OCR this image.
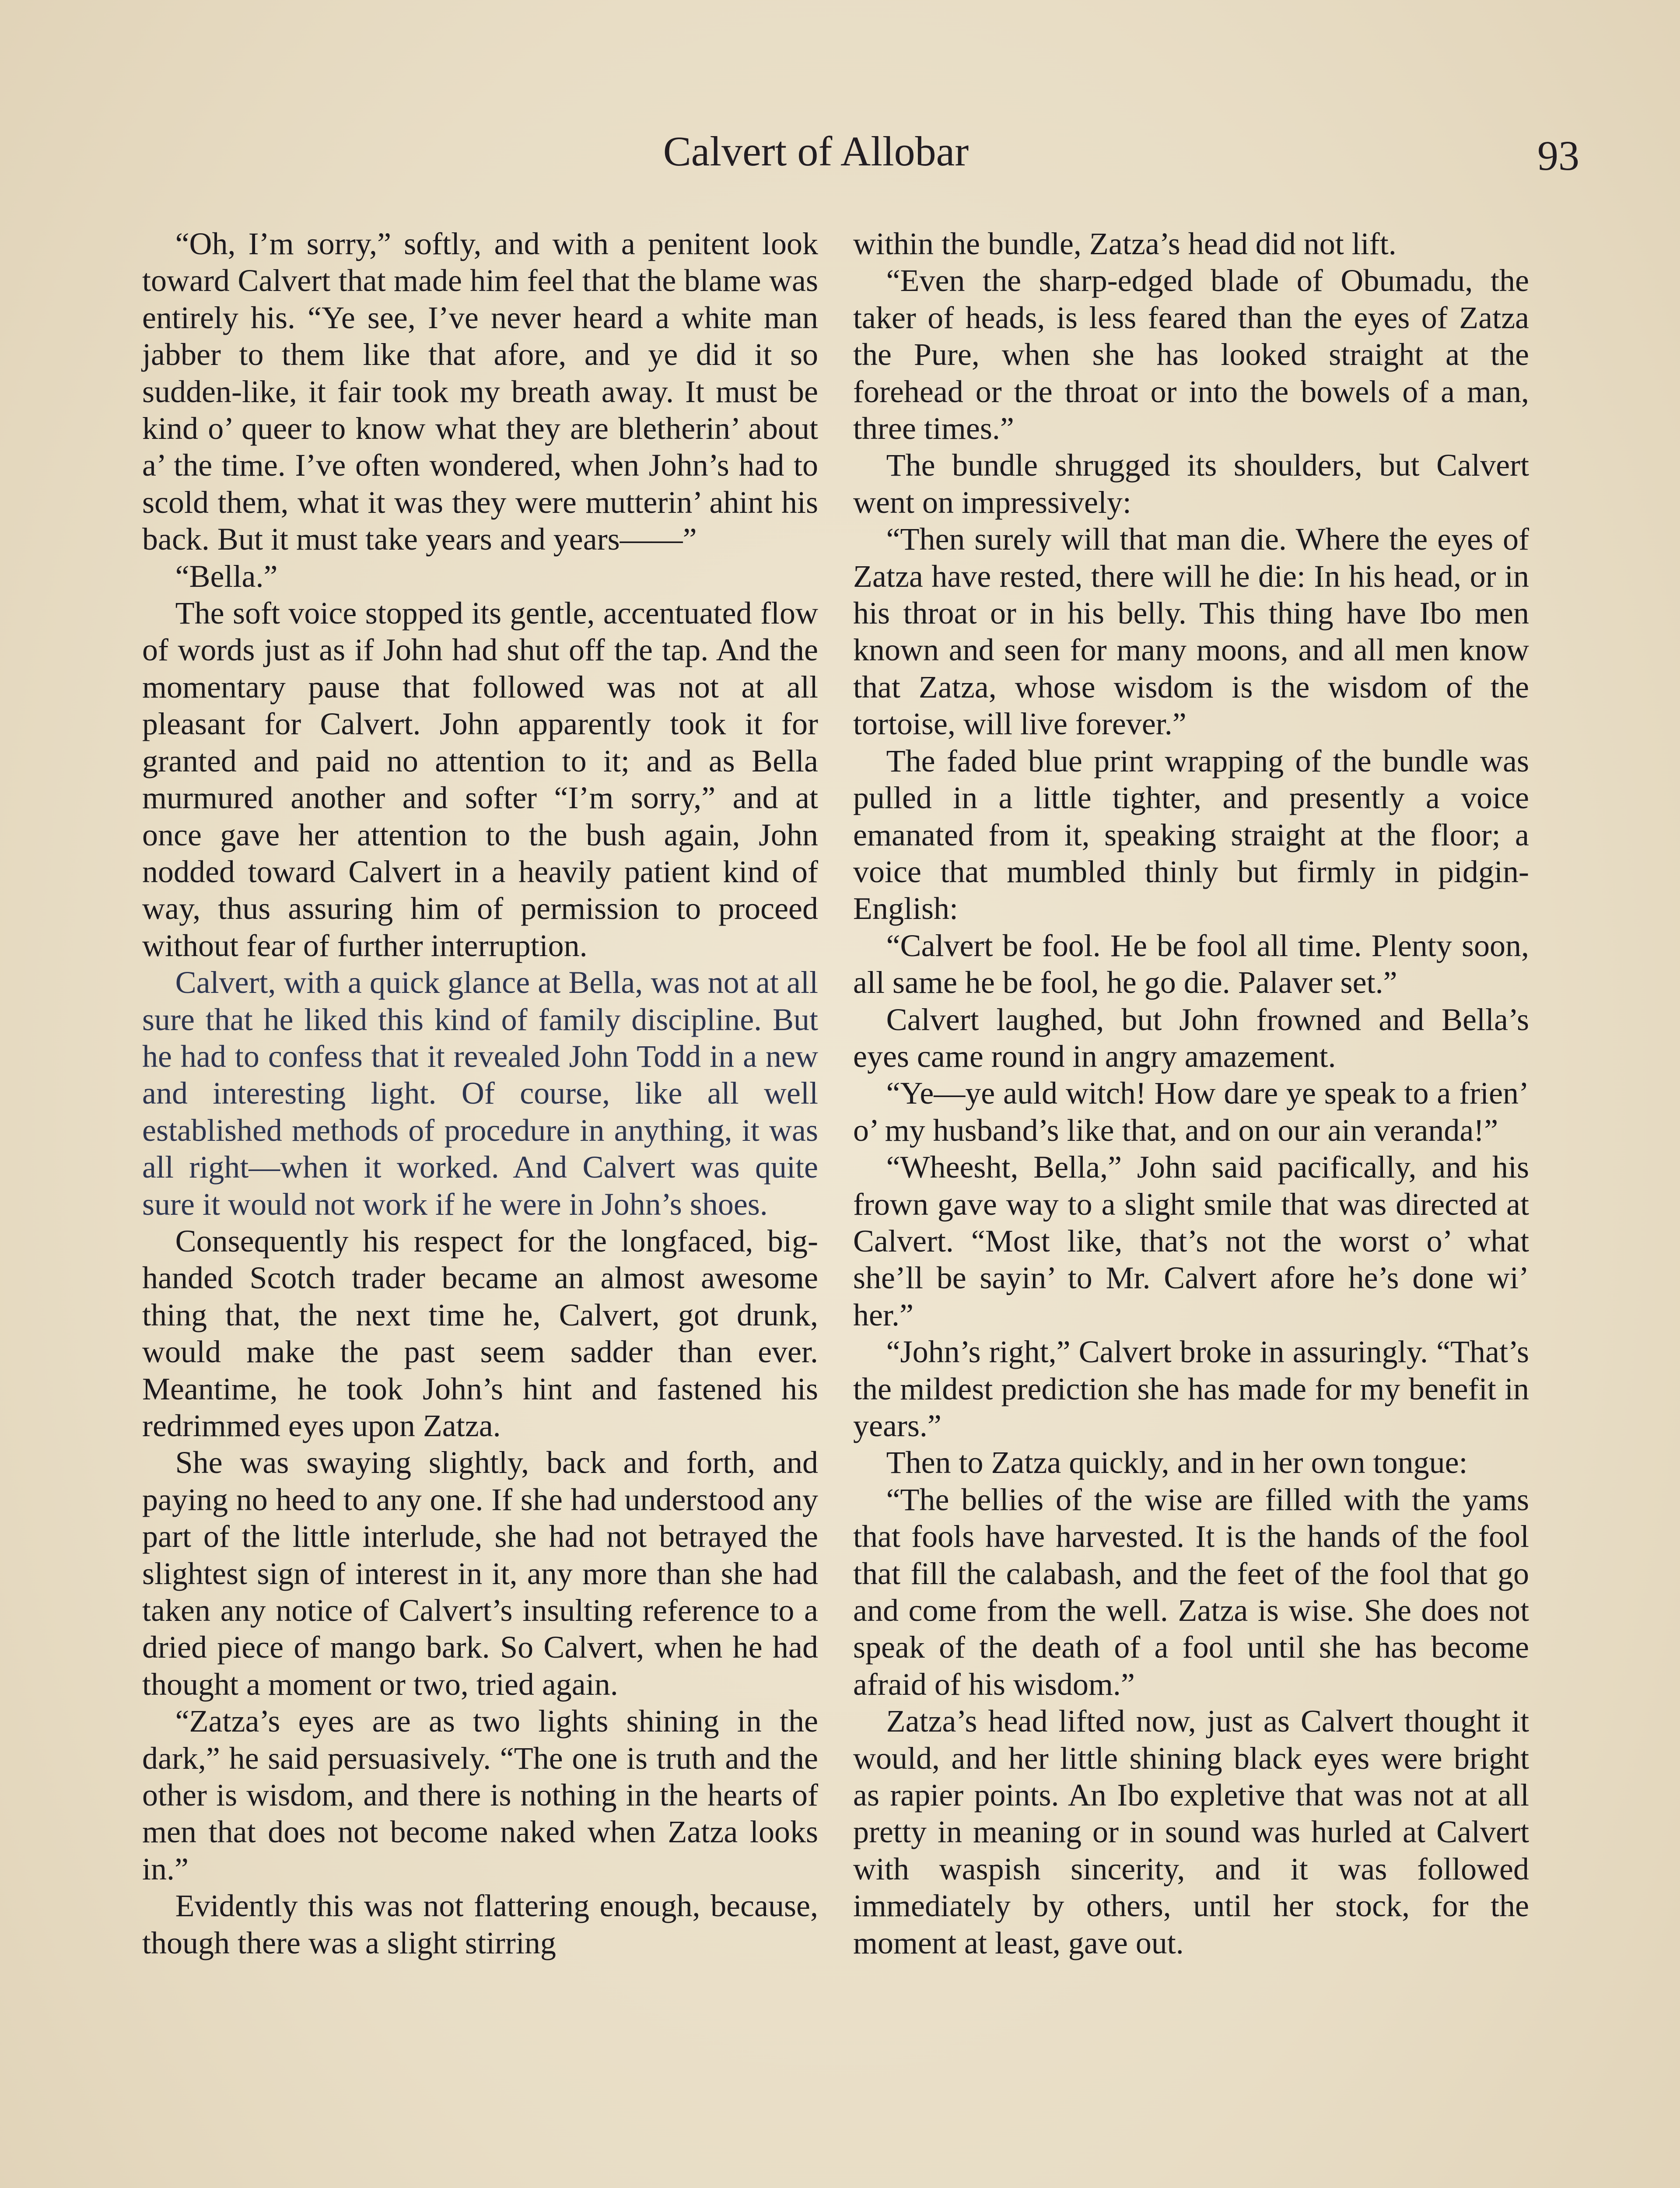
Calvert of Allobar	93

“Oh, I’m sorry,” softly, and with a penitent look toward Calvert that made him feel that the blame was entirely his. “Ye see, I’ve never heard a white man jabber to them like that afore, and ye did it so sudden-like, it fair took my breath away. It must be kind o’ queer to know what they are bletherin’ about a’ the time. I’ve often wondered, when John’s had to scold them, what it was they were mutterin’ ahint his back. But it must take years and years——”

“Bella.”

The soft voice stopped its gentle, accentuated flow of words just as if John had shut off the tap. And the momentary pause that followed was not at all pleasant for Calvert. John apparently took it for granted and paid no attention to it; and as Bella murmured another and softer “I’m sorry,” and at once gave her attention to the bush again, John nodded toward Calvert in a heavily patient kind of way, thus assuring him of permission to proceed without fear of further interruption.

Calvert, with a quick glance at Bella, was not at all sure that he liked this kind of family discipline. But he had to confess that it revealed John Todd in a new and interesting light. Of course, like all well established methods of procedure in anything, it was all right—when it worked. And Calvert was quite sure it would not work if he were in John’s shoes.

Consequently his respect for the longfaced, big-handed Scotch trader became an almost awesome thing that, the next time he, Calvert, got drunk, would make the past seem sadder than ever. Meantime, he took John’s hint and fastened his redrimmed eyes upon Zatza.

She was swaying slightly, back and forth, and paying no heed to any one. If she had understood any part of the little interlude, she had not betrayed the slightest sign of interest in it, any more than she had taken any notice of Calvert’s insulting reference to a dried piece of mango bark. So Calvert, when he had thought a moment or two, tried again.

“Zatza’s eyes are as two lights shining in the dark,” he said persuasively. “The one is truth and the other is wisdom, and there is nothing in the hearts of men that does not become naked when Zatza looks in.”

Evidently this was not flattering enough, because, though there was a slight stirring

within the bundle, Zatza’s head did not lift.

“Even the sharp-edged blade of Obumadu, the taker of heads, is less feared than the eyes of Zatza the Pure, when she has looked straight at the forehead or the throat or into the bowels of a man, three times.”

The bundle shrugged its shoulders, but Calvert went on impressively:

“Then surely will that man die. Where the eyes of Zatza have rested, there will he die: In his head, or in his throat or in his belly. This thing have Ibo men known and seen for many moons, and all men know that Zatza, whose wisdom is the wisdom of the tortoise, will live forever.”

The faded blue print wrapping of the bundle was pulled in a little tighter, and presently a voice emanated from it, speaking straight at the floor; a voice that mumbled thinly but firmly in pidgin-English:

“Calvert be fool. He be fool all time. Plenty soon, all same he be fool, he go die. Palaver set.”

Calvert laughed, but John frowned and Bella’s eyes came round in angry amazement.

“Ye—ye auld witch! How dare ye speak to a frien’ o’ my husband’s like that, and on our ain veranda!”

“Wheesht, Bella,” John said pacifically, and his frown gave way to a slight smile that was directed at Calvert. “Most like, that’s not the worst o’ what she’ll be sayin’ to Mr. Calvert afore he’s done wi’ her.”

“John’s right,” Calvert broke in assuringly. “That’s the mildest prediction she has made for my benefit in years.”

Then to Zatza quickly, and in her own tongue:

“The bellies of the wise are filled with the yams that fools have harvested. It is the hands of the fool that fill the calabash, and the feet of the fool that go and come from the well. Zatza is wise. She does not speak of the death of a fool until she has become afraid of his wisdom.”

Zatza’s head lifted now, just as Calvert thought it would, and her little shining black eyes were bright as rapier points. An Ibo expletive that was not at all pretty in meaning or in sound was hurled at Calvert with waspish sincerity, and it was followed immediately by others, until her stock, for the moment at least, gave out.
